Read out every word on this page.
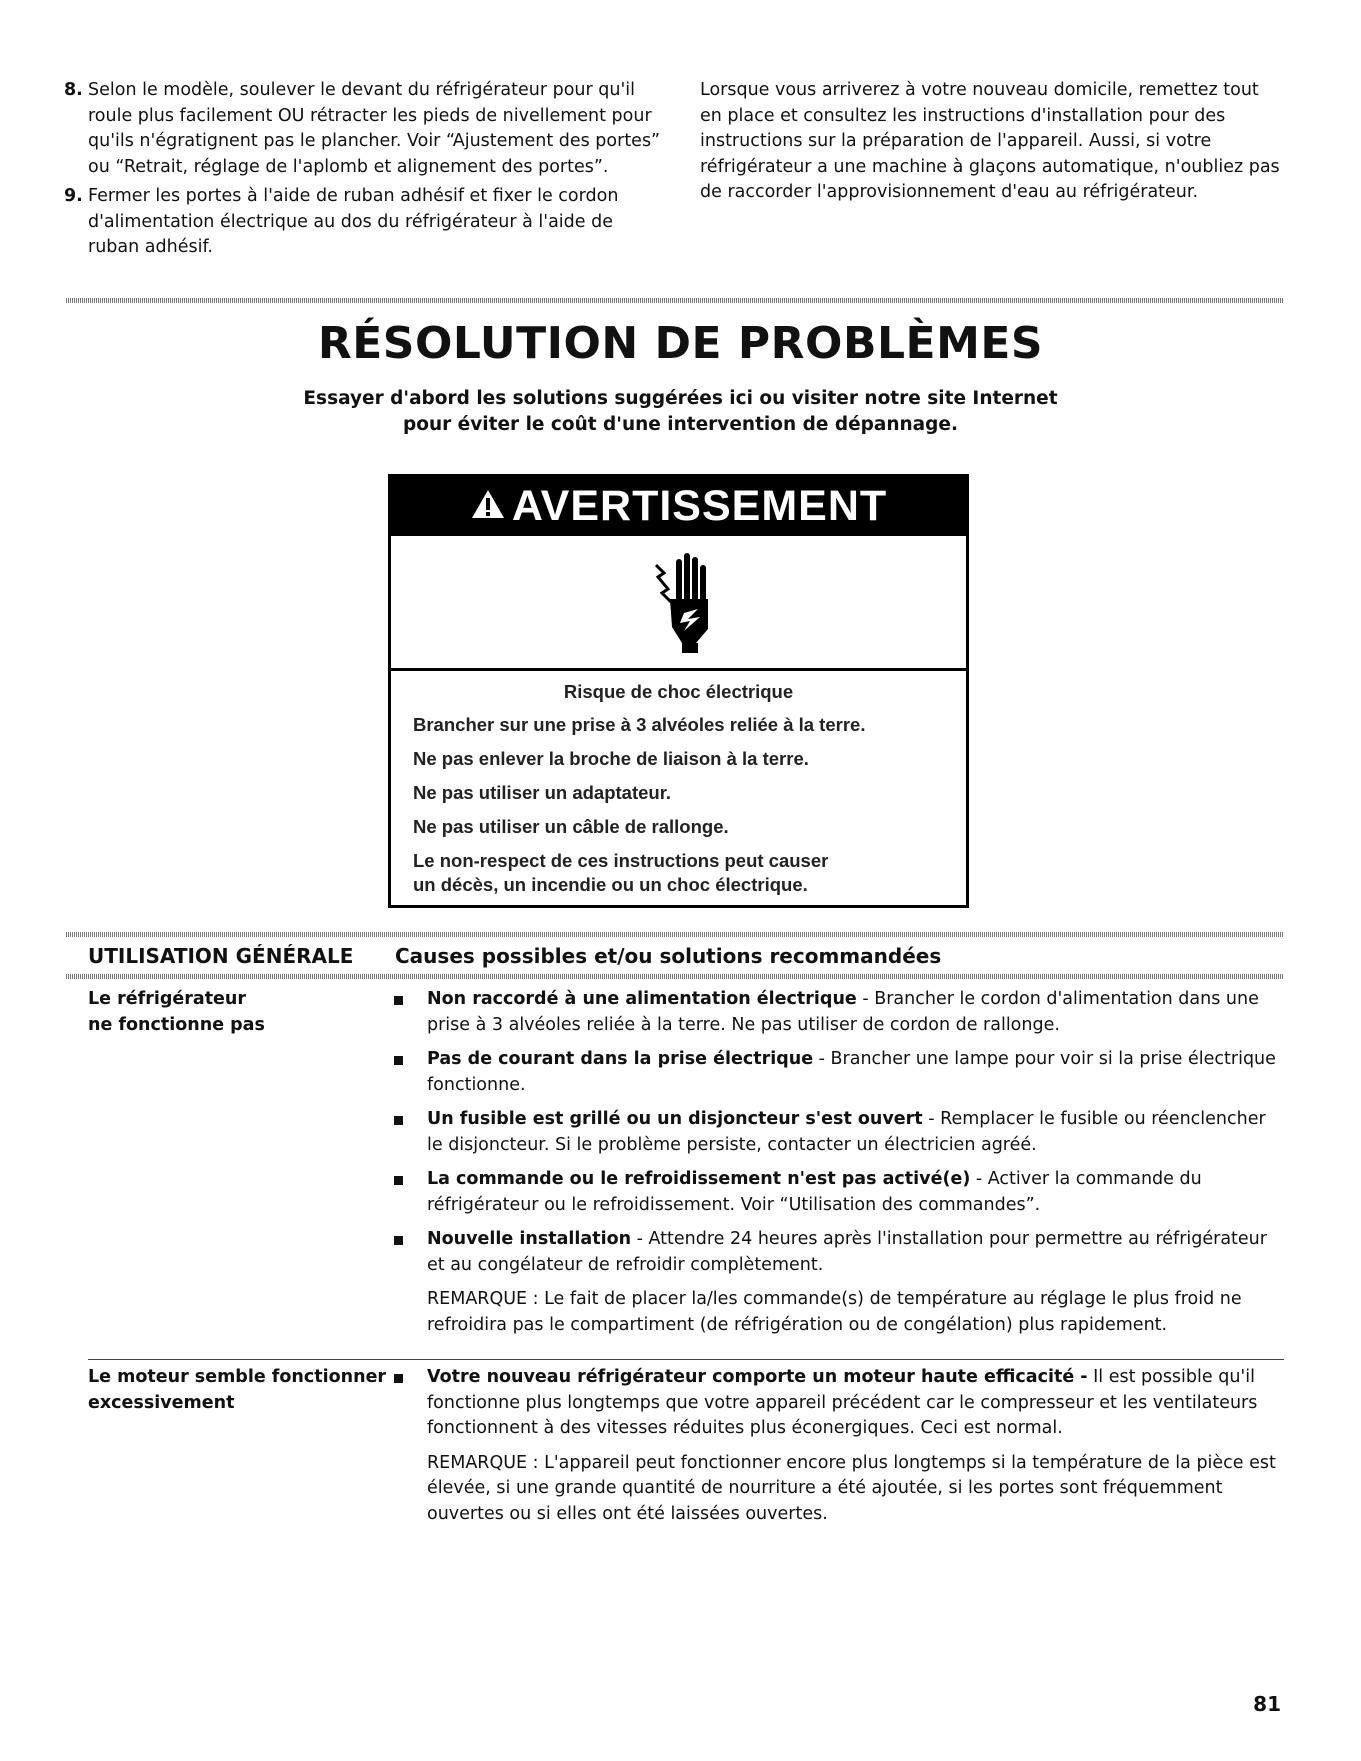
8. Selon le modèle, soulever le devant du réfrigérateur pour qu'il roule plus facilement OU rétracter les pieds de nivellement pour qu'ils n'égratignent pas le plancher. Voir “Ajustement des portes” ou “Retrait, réglage de l'aplomb et alignement des portes”.
9. Fermer les portes à l'aide de ruban adhésif et fixer le cordon d'alimentation électrique au dos du réfrigérateur à l'aide de ruban adhésif.
Lorsque vous arriverez à votre nouveau domicile, remettez tout en place et consultez les instructions d'installation pour des instructions sur la préparation de l'appareil. Aussi, si votre réfrigérateur a une machine à glaçons automatique, n'oubliez pas de raccorder l'approvisionnement d'eau au réfrigérateur.
RÉSOLUTION DE PROBLÈMES
Essayer d'abord les solutions suggérées ici ou visiter notre site Internet
pour éviter le coût d'une intervention de dépannage.
AVERTISSEMENT
Risque de choc électrique
Brancher sur une prise à 3 alvéoles reliée à la terre.
Ne pas enlever la broche de liaison à la terre.
Ne pas utiliser un adaptateur.
Ne pas utiliser un câble de rallonge.
Le non-respect de ces instructions peut causer
un décès, un incendie ou un choc électrique.
UTILISATION GÉNÉRALE Causes possibles et/ou solutions recommandées
Le réfrigérateur
ne fonctionne pas
Non raccordé à une alimentation électrique - Brancher le cordon d'alimentation dans une prise à 3 alvéoles reliée à la terre. Ne pas utiliser de cordon de rallonge.
Pas de courant dans la prise électrique - Brancher une lampe pour voir si la prise électrique fonctionne.
Un fusible est grillé ou un disjoncteur s'est ouvert - Remplacer le fusible ou réenclencher le disjoncteur. Si le problème persiste, contacter un électricien agréé.
La commande ou le refroidissement n'est pas activé(e) - Activer la commande du réfrigérateur ou le refroidissement. Voir “Utilisation des commandes”.
Nouvelle installation - Attendre 24 heures après l'installation pour permettre au réfrigérateur et au congélateur de refroidir complètement.
REMARQUE : Le fait de placer la/les commande(s) de température au réglage le plus froid ne refroidira pas le compartiment (de réfrigération ou de congélation) plus rapidement.
Le moteur semble fonctionner
excessivement
Votre nouveau réfrigérateur comporte un moteur haute efficacité - Il est possible qu'il fonctionne plus longtemps que votre appareil précédent car le compresseur et les ventilateurs fonctionnent à des vitesses réduites plus éconergiques. Ceci est normal.
REMARQUE : L'appareil peut fonctionner encore plus longtemps si la température de la pièce est élevée, si une grande quantité de nourriture a été ajoutée, si les portes sont fréquemment ouvertes ou si elles ont été laissées ouvertes.
81
